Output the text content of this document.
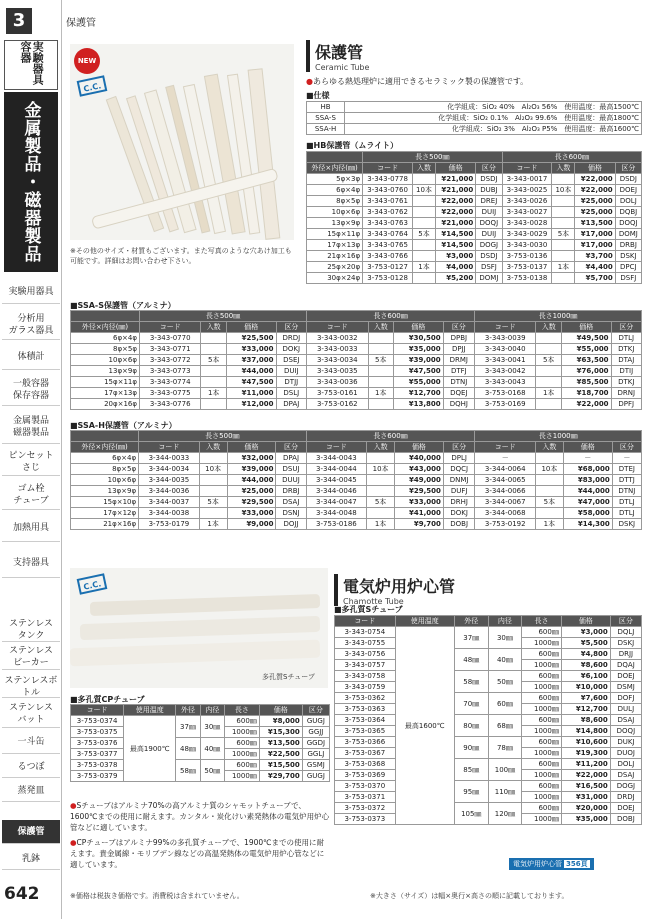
3
実験器具 容器
金属製品・磁器製品
実験用器具
分析用
ガラス器具
体積計
一般容器
保存容器
金属製品
磁器製品
ピンセット
さじ
ゴム栓
チューブ
加熱用具
支持器具
ステンレス
タンク
ステンレス
ビーカー
ステンレスボトル
ステンレス
バット
一斗缶
るつぼ
蒸発皿
保護管
乳鉢
642
保護管
NEW
C.C.
※その他のサイズ・材質もございます。また写真のような穴あけ加工も可能です。詳細はお問い合わせ下さい。
保護管
Ceramic Tube
●あらゆる熱処理炉に適用できるセラミック製の保護管です。
■仕様
HB	化学組成：SiO₂ 40%　Al₂O₃ 56%　使用温度：最高1500℃
SSA-S	化学組成：SiO₂ 0.1%　Al₂O₃ 99.6%　使用温度：最高1800℃
SSA-H	化学組成：SiO₂ 3%　Al₂O₃ P5%　使用温度：最高1600℃
■HB保護管（ムライト）
	長さ500㎜				長さ600㎜			
外径×内径(㎜)	コード	入数	価格	区分	コード	入数	価格	区分
5φ×3φ	3-343-0778		¥21,000	DSDJ	3-343-0017		¥22,000	DSDJ
6φ×4φ	3-343-0760	10本	¥21,000	DUBJ	3-343-0025	10本	¥22,000	DOEJ
8φ×5φ	3-343-0761		¥22,000	DREJ	3-343-0026		¥25,000	DOLJ
10φ×6φ	3-343-0762		¥22,000	DUIJ	3-343-0027		¥25,000	DQBJ
13φ×9φ	3-343-0763		¥21,000	DOQJ	3-343-0028		¥13,500	DOQJ
15φ×11φ	3-343-0764	5本	¥14,500	DUIJ	3-343-0029	5本	¥17,000	DOMJ
17φ×13φ	3-343-0765		¥14,500	DOGJ	3-343-0030		¥17,000	DRBJ
21φ×16φ	3-343-0766		¥3,000	DSDJ	3-753-0136		¥3,700	DSKJ
25φ×20φ	3-753-0127	1本	¥4,000	DSFJ	3-753-0137	1本	¥4,400	DPCJ
30φ×24φ	3-753-0128		¥5,200	DOMJ	3-753-0138		¥5,700	DSFJ
■SSA-S保護管（アルミナ）
	長さ500㎜				長さ600㎜				長さ1000㎜			
外径×内径(㎜)	コード	入数	価格	区分	コード	入数	価格	区分	コード	入数	価格	区分
6φ×4φ	3-343-0770		¥25,500	DRDJ	3-343-0032		¥30,500	DPBJ	3-343-0039		¥49,500	DTLJ
8φ×5φ	3-343-0771		¥33,000	DOKJ	3-343-0033		¥35,000	DPJJ	3-343-0040		¥55,000	DTKJ
10φ×6φ	3-343-0772	5本	¥37,000	DSEJ	3-343-0034	5本	¥39,000	DRMJ	3-343-0041	5本	¥63,500	DTAJ
13φ×9φ	3-343-0773		¥44,000	DUIJ	3-343-0035		¥47,500	DTFJ	3-343-0042		¥76,000	DTIJ
15φ×11φ	3-343-0774		¥47,500	DTJJ	3-343-0036		¥55,000	DTNJ	3-343-0043		¥85,500	DTKJ
17φ×13φ	3-343-0775	1本	¥11,000	DSLJ	3-753-0161	1本	¥12,700	DQEJ	3-753-0168	1本	¥18,700	DRNJ
20φ×16φ	3-343-0776		¥12,000	DPAJ	3-753-0162		¥13,800	DQHJ	3-753-0169		¥22,000	DPFJ
■SSA-H保護管（アルミナ）
	長さ500㎜				長さ600㎜				長さ1000㎜			
外径×内径(㎜)	コード	入数	価格	区分	コード	入数	価格	区分	コード	入数	価格	区分
6φ×4φ	3-344-0033		¥32,000	DPAJ	3-344-0043		¥40,000	DPLJ	－		－	－
8φ×5φ	3-344-0034	10本	¥39,000	DSUJ	3-344-0044	10本	¥43,000	DQCJ	3-344-0064	10本	¥68,000	DTEJ
10φ×6φ	3-344-0035		¥44,000	DUUJ	3-344-0045		¥49,000	DNMJ	3-344-0065		¥83,000	DTTJ
13φ×9φ	3-344-0036		¥25,000	DRBJ	3-344-0046		¥29,500	DUFJ	3-344-0066		¥44,000	DTNJ
15φ×10φ	3-344-0037	5本	¥29,500	DSAJ	3-344-0047	5本	¥33,000	DRHJ	3-344-0067	5本	¥47,000	DTLJ
17φ×12φ	3-344-0038		¥33,000	DSNJ	3-344-0048		¥41,000	DOKJ	3-344-0068		¥58,000	DTLJ
21φ×16φ	3-753-0179	1本	¥9,000	DOJJ	3-753-0186	1本	¥9,700	DOBJ	3-753-0192	1本	¥14,300	DSKJ
C.C.
多孔質Sチューブ
電気炉用炉心管
Chamotte Tube
■多孔質Sチューブ
コード	使用温度	外径	内径	長さ	価格	区分
3-343-0754	最高1600℃	37㎜	30㎜	600㎜	¥3,000	DQLJ
3-343-0755				1000㎜	¥5,500	DSKJ
3-343-0756		48㎜	40㎜	600㎜	¥4,800	DRJJ
3-343-0757				1000㎜	¥8,600	DQAJ
3-343-0758		58㎜	50㎜	600㎜	¥6,100	DOEJ
3-343-0759				1000㎜	¥10,000	DSMJ
3-753-0362		70㎜	60㎜	600㎜	¥7,600	DOFJ
3-753-0363				1000㎜	¥12,700	DULJ
3-753-0364		80㎜	68㎜	600㎜	¥8,600	DSAJ
3-753-0365				1000㎜	¥14,800	DOQJ
3-753-0366		90㎜	78㎜	600㎜	¥10,600	DUKJ
3-753-0367				1000㎜	¥19,300	DUOJ
3-753-0368		85㎜	100㎜	600㎜	¥11,200	DOLJ
3-753-0369				1000㎜	¥22,000	DSAJ
3-753-0370		95㎜	110㎜	600㎜	¥16,500	DOGJ
3-753-0371				1000㎜	¥31,000	DRDJ
3-753-0372		105㎜	120㎜	600㎜	¥20,000	DOEJ
3-753-0373				1000㎜	¥35,000	DOBJ
■多孔質CPチューブ
コード	使用温度	外径	内径	長さ	価格	区分
3-753-0374	最高1900℃	37㎜	30㎜	600㎜	¥8,000	GUGJ
3-753-0375				1000㎜	¥15,300	GGJJ
3-753-0376		48㎜	40㎜	600㎜	¥13,500	GGDJ
3-753-0377				1000㎜	¥22,500	GGLJ
3-753-0378		58㎜	50㎜	600㎜	¥15,500	GSMJ
3-753-0379				1000㎜	¥29,700	GUGJ
●Sチューブはアルミナ70%の高アルミナ質のシャモットチューブで、1600℃までの使用に耐えます。カンタル・炭化けい素発熱体の電気炉用炉心管などに適しています。
●CPチューブはアルミナ99%の多孔質チューブで、1900℃までの使用に耐えます。貴金属線・モリブデン線などの高温発熱体の電気炉用炉心管などに適しています。	電気炉用炉心管 356頁
※価格は税抜き価格です。消費税は含まれていません。	※大きさ（サイズ）は幅×奥行×高さの順に記載しております。
